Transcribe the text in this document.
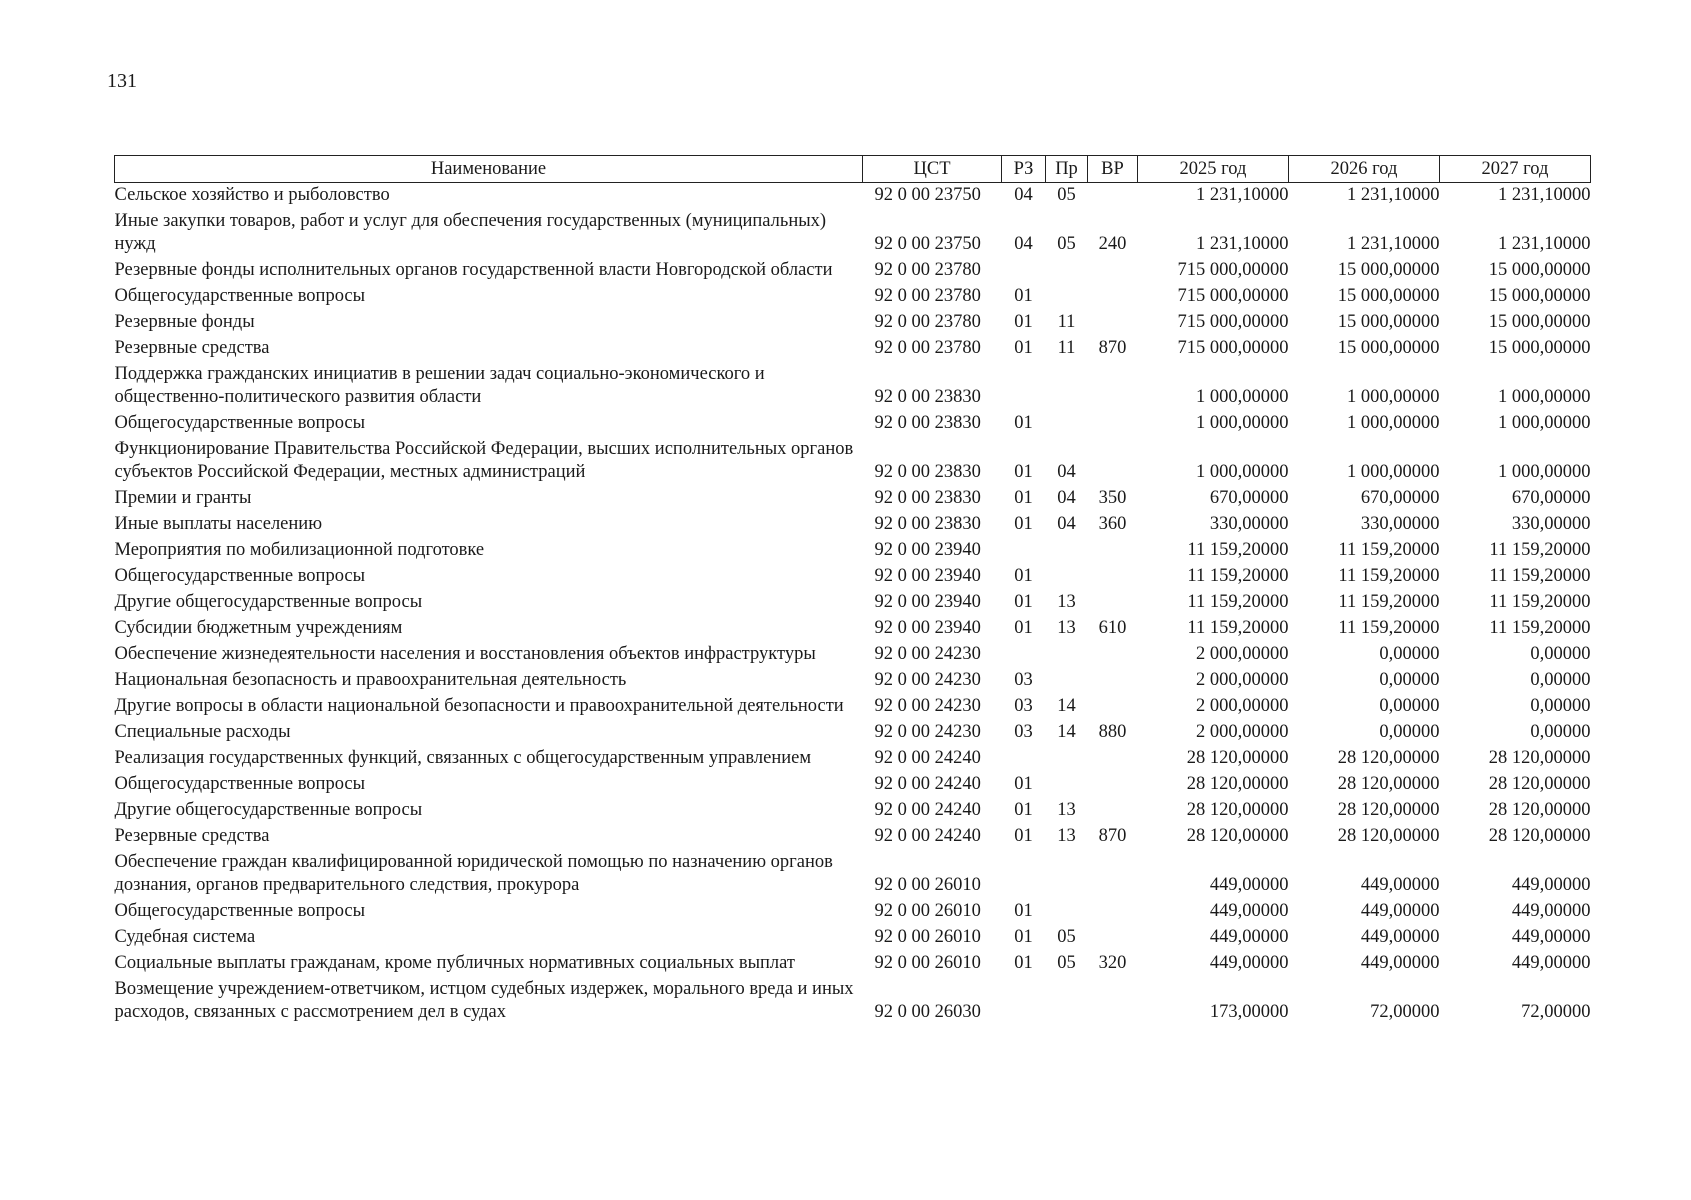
131
Наименование	ЦСТ	РЗ	Пр	ВР	2025 год	2026 год	2027 год
Сельское хозяйство и рыболовство	92 0 00 23750	04	05		1 231,10000	1 231,10000	1 231,10000
Иные закупки товаров, работ и услуг для обеспечения государственных (муниципальных) нужд	92 0 00 23750	04	05	240	1 231,10000	1 231,10000	1 231,10000
Резервные фонды исполнительных органов государственной власти Новгородской области	92 0 00 23780				715 000,00000	15 000,00000	15 000,00000
Общегосударственные вопросы	92 0 00 23780	01			715 000,00000	15 000,00000	15 000,00000
Резервные фонды	92 0 00 23780	01	11		715 000,00000	15 000,00000	15 000,00000
Резервные средства	92 0 00 23780	01	11	870	715 000,00000	15 000,00000	15 000,00000
Поддержка гражданских инициатив в решении задач социально-экономического и общественно-политического развития области	92 0 00 23830				1 000,00000	1 000,00000	1 000,00000
Общегосударственные вопросы	92 0 00 23830	01			1 000,00000	1 000,00000	1 000,00000
Функционирование Правительства Российской Федерации, высших исполнительных органов субъектов Российской Федерации, местных администраций	92 0 00 23830	01	04		1 000,00000	1 000,00000	1 000,00000
Премии и гранты	92 0 00 23830	01	04	350	670,00000	670,00000	670,00000
Иные выплаты населению	92 0 00 23830	01	04	360	330,00000	330,00000	330,00000
Мероприятия по мобилизационной подготовке	92 0 00 23940				11 159,20000	11 159,20000	11 159,20000
Общегосударственные вопросы	92 0 00 23940	01			11 159,20000	11 159,20000	11 159,20000
Другие общегосударственные вопросы	92 0 00 23940	01	13		11 159,20000	11 159,20000	11 159,20000
Субсидии бюджетным учреждениям	92 0 00 23940	01	13	610	11 159,20000	11 159,20000	11 159,20000
Обеспечение жизнедеятельности населения и восстановления объектов инфраструктуры	92 0 00 24230				2 000,00000	0,00000	0,00000
Национальная безопасность и правоохранительная деятельность	92 0 00 24230	03			2 000,00000	0,00000	0,00000
Другие вопросы в области национальной безопасности и правоохранительной деятельности	92 0 00 24230	03	14		2 000,00000	0,00000	0,00000
Специальные расходы	92 0 00 24230	03	14	880	2 000,00000	0,00000	0,00000
Реализация государственных функций, связанных с общегосударственным управлением	92 0 00 24240				28 120,00000	28 120,00000	28 120,00000
Общегосударственные вопросы	92 0 00 24240	01			28 120,00000	28 120,00000	28 120,00000
Другие общегосударственные вопросы	92 0 00 24240	01	13		28 120,00000	28 120,00000	28 120,00000
Резервные средства	92 0 00 24240	01	13	870	28 120,00000	28 120,00000	28 120,00000
Обеспечение граждан квалифицированной юридической помощью по назначению органов дознания, органов предварительного следствия, прокурора	92 0 00 26010				449,00000	449,00000	449,00000
Общегосударственные вопросы	92 0 00 26010	01			449,00000	449,00000	449,00000
Судебная система	92 0 00 26010	01	05		449,00000	449,00000	449,00000
Социальные выплаты гражданам, кроме публичных нормативных социальных выплат	92 0 00 26010	01	05	320	449,00000	449,00000	449,00000
Возмещение учреждением-ответчиком, истцом судебных издержек, морального вреда и иных расходов, связанных с рассмотрением дел в судах	92 0 00 26030				173,00000	72,00000	72,00000
